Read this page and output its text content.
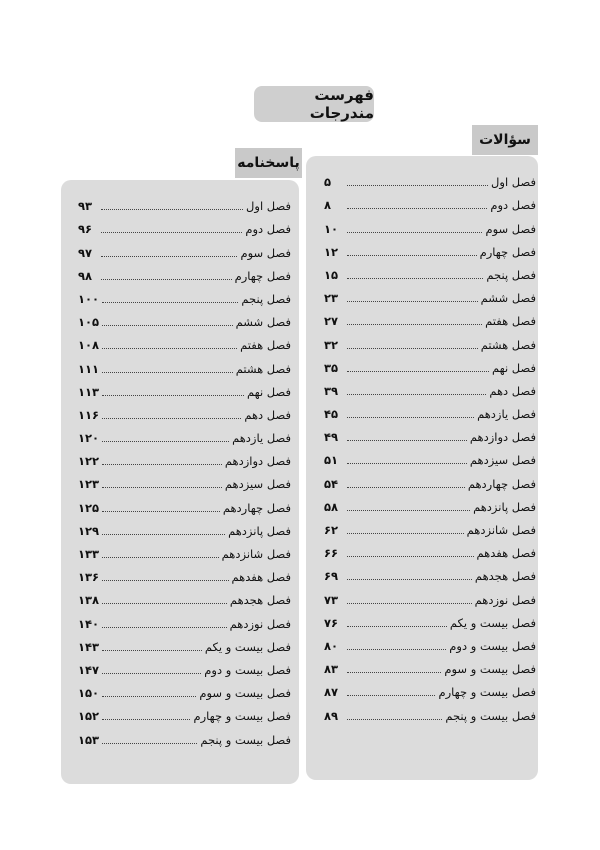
فهرست مندرجات
سؤالات
فصل اول
۵
فصل دوم
۸
فصل سوم
۱۰
فصل چهارم
۱۲
فصل پنجم
۱۵
فصل ششم
۲۳
فصل هفتم
۲۷
فصل هشتم
۳۲
فصل نهم
۳۵
فصل دهم
۳۹
فصل یازدهم
۴۵
فصل دوازدهم
۴۹
فصل سیزدهم
۵۱
فصل چهاردهم
۵۴
فصل پانزدهم
۵۸
فصل شانزدهم
۶۲
فصل هفدهم
۶۶
فصل هجدهم
۶۹
فصل نوزدهم
۷۳
فصل بیست و یکم
۷۶
فصل بیست و دوم
۸۰
فصل بیست و سوم
۸۳
فصل بیست و چهارم
۸۷
فصل بیست و پنجم
۸۹
پاسخنامه
فصل اول
۹۳
فصل دوم
۹۶
فصل سوم
۹۷
فصل چهارم
۹۸
فصل پنجم
۱۰۰
فصل ششم
۱۰۵
فصل هفتم
۱۰۸
فصل هشتم
۱۱۱
فصل نهم
۱۱۳
فصل دهم
۱۱۶
فصل یازدهم
۱۲۰
فصل دوازدهم
۱۲۲
فصل سیزدهم
۱۲۳
فصل چهاردهم
۱۲۵
فصل پانزدهم
۱۲۹
فصل شانزدهم
۱۳۳
فصل هفدهم
۱۳۶
فصل هجدهم
۱۳۸
فصل نوزدهم
۱۴۰
فصل بیست و یکم
۱۴۳
فصل بیست و دوم
۱۴۷
فصل بیست و سوم
۱۵۰
فصل بیست و چهارم
۱۵۲
فصل بیست و پنجم
۱۵۳
